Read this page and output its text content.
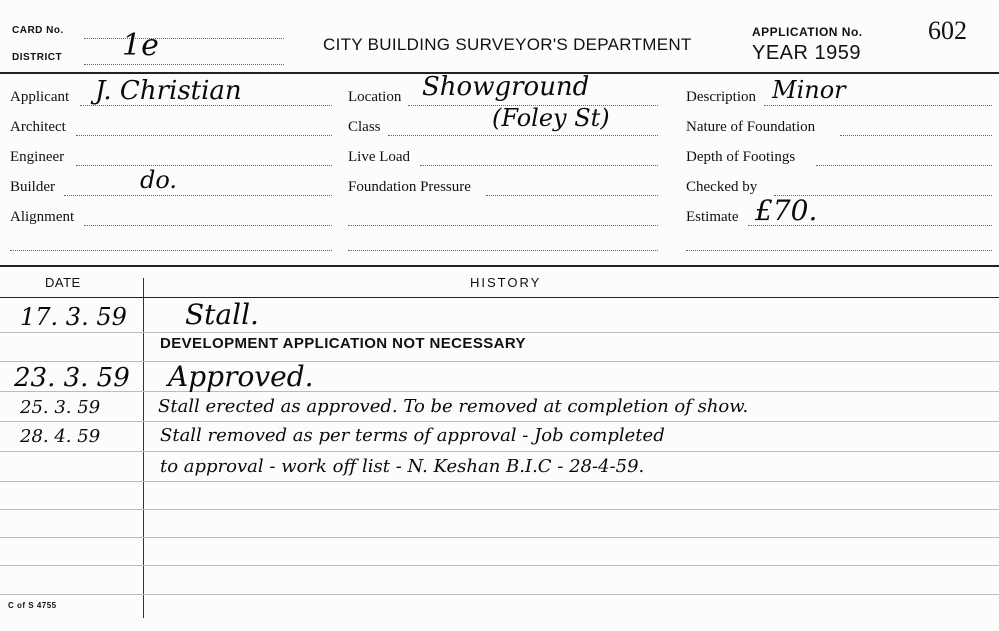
CARD No.
DISTRICT 1e	CITY BUILDING SURVEYOR'S DEPARTMENT
APPLICATION No.	602
YEAR 1959
Applicant J. Christian
Architect
Engineer
Builder	do.
Alignment
Location Showground
Class	(Foley St)
Live Load
Foundation Pressure
Description Minor
Nature of Foundation
Depth of Footings
Checked by
Estimate £70.
DATE	HISTORY
17. 3. 59 Stall.
DEVELOPMENT APPLICATION NOT NECESSARY
23. 3. 59 Approved.
25. 3. 59	Stall erected as approved. To be removed at completion of show.
28. 4. 59	Stall removed as per terms of approval - Job completed
to approval - work off list - N. Keshan B.I.C - 28-4-59.
C of S 4755
